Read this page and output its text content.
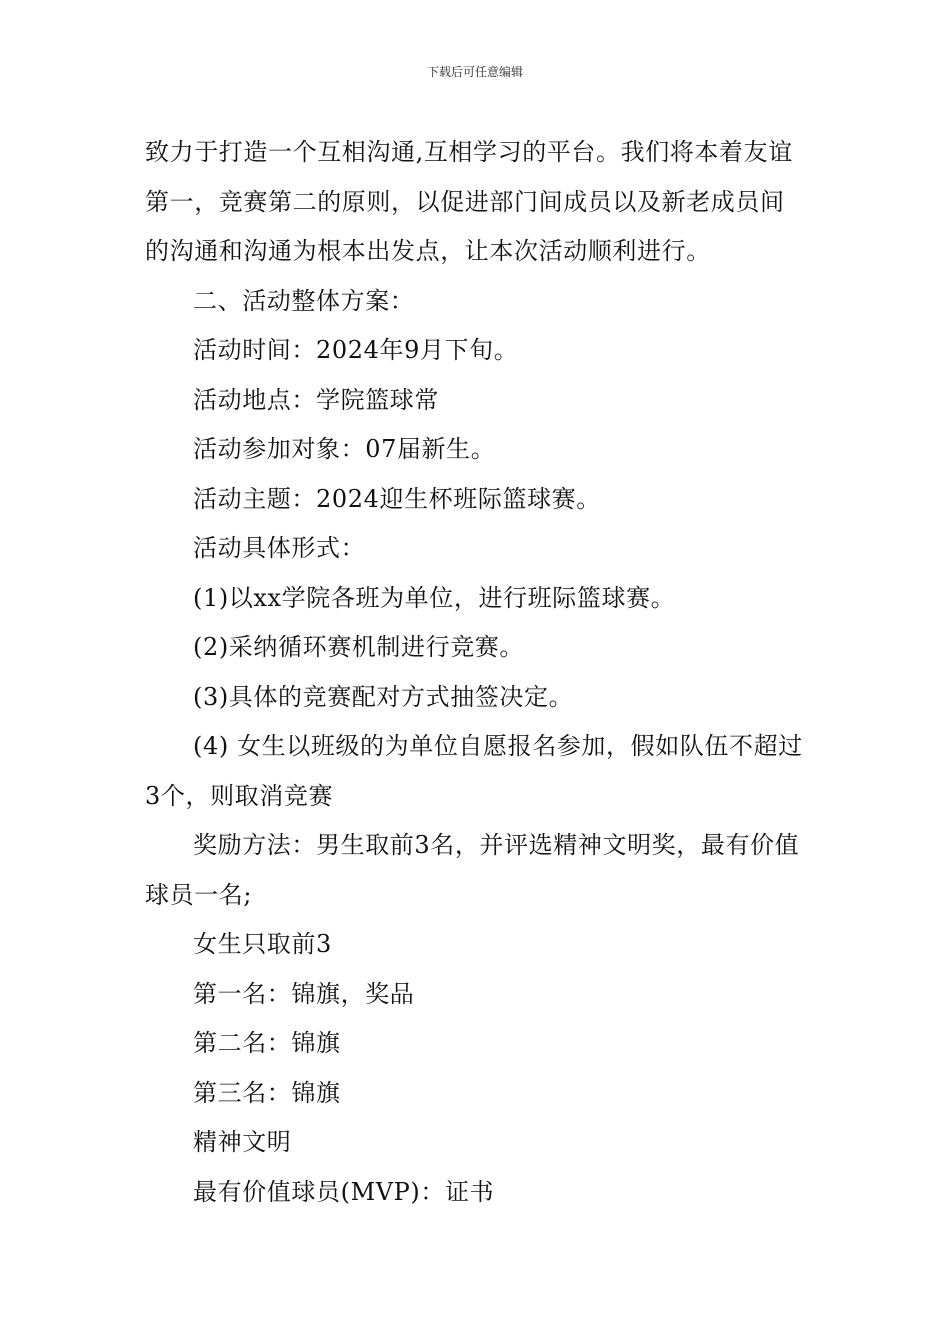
下载后可任意编辑

致力于打造一个互相沟通,互相学习的平台。我们将本着友谊第一，竞赛第二的原则，以促进部门间成员以及新老成员间的沟通和沟通为根本出发点，让本次活动顺利进行。

二、活动整体方案：

活动时间：2024年9月下旬。

活动地点：学院篮球常

活动参加对象：07届新生。

活动主题：2024迎生杯班际篮球赛。

活动具体形式：

(1)以xx学院各班为单位，进行班际篮球赛。

(2)采纳循环赛机制进行竞赛。

(3)具体的竞赛配对方式抽签决定。

(4) 女生以班级的为单位自愿报名参加，假如队伍不超过3个，则取消竞赛

奖励方法：男生取前3名，并评选精神文明奖，最有价值球员一名;

女生只取前3

第一名：锦旗，奖品

第二名：锦旗

第三名：锦旗

精神文明

最有价值球员(MVP)：证书
